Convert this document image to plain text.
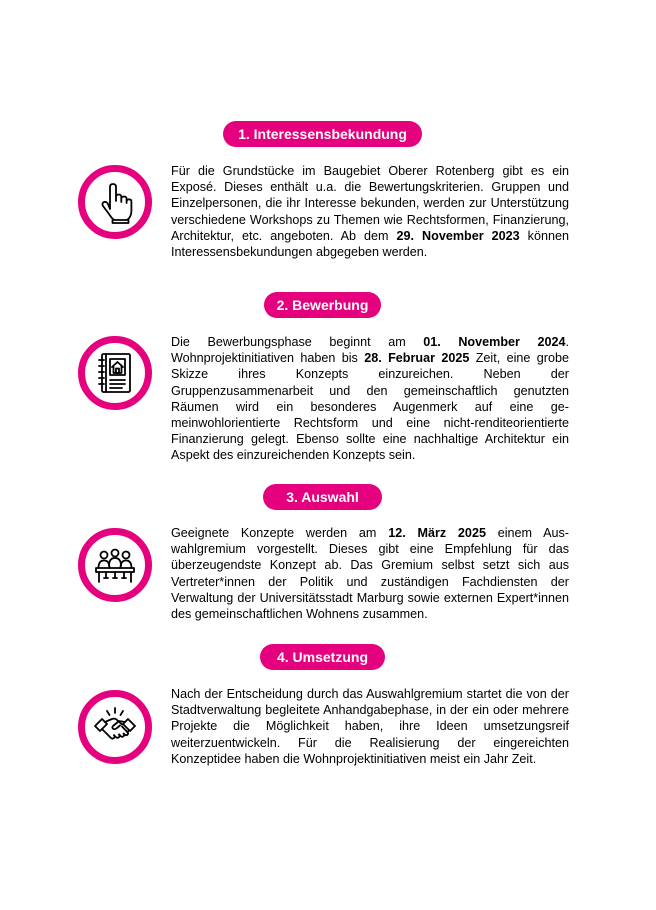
1. Interessensbekundung

Für die Grundstücke im Baugebiet Oberer Rotenberg gibt es ein Exposé. Dieses enthält u.a. die Bewertungskriterien. Gruppen und Einzelpersonen, die ihr Interesse bekunden, werden zur Unterstützung verschiedene Workshops zu Themen wie Rechtsformen, Finanzierung, Architektur, etc. angeboten. Ab dem 29. November 2023 können Interessensbekundungen abgegeben werden.

2. Bewerbung

Die Bewerbungsphase beginnt am 01. November 2024. Wohnprojektinitiativen haben bis 28. Februar 2025 Zeit, eine grobe Skizze ihres Konzepts einzureichen. Neben der Gruppenzusammenarbeit und den gemeinschaftlich genutzten Räumen wird ein besonderes Augenmerk auf eine gemeinwohlorientierte Rechtsform und eine nicht-renditeorientierte Finanzierung gelegt. Ebenso sollte eine nachhaltige Architektur ein Aspekt des einzureichenden Konzepts sein.

3. Auswahl

Geeignete Konzepte werden am 12. März 2025 einem Auswahlgremium vorgestellt. Dieses gibt eine Empfehlung für das überzeugendste Konzept ab. Das Gremium selbst setzt sich aus Vertreter*innen der Politik und zuständigen Fachdiensten der Verwaltung der Universitätsstadt Marburg sowie externen Expert*innen des gemeinschaftlichen Wohnens zusammen.

4. Umsetzung

Nach der Entscheidung durch das Auswahlgremium startet die von der Stadtverwaltung begleitete Anhandgabephase, in der ein oder mehrere Projekte die Möglichkeit haben, ihre Ideen umsetzungsreif weiterzuentwickeln. Für die Realisierung der eingereichten Konzeptidee haben die Wohnprojektinitiativen meist ein Jahr Zeit.
